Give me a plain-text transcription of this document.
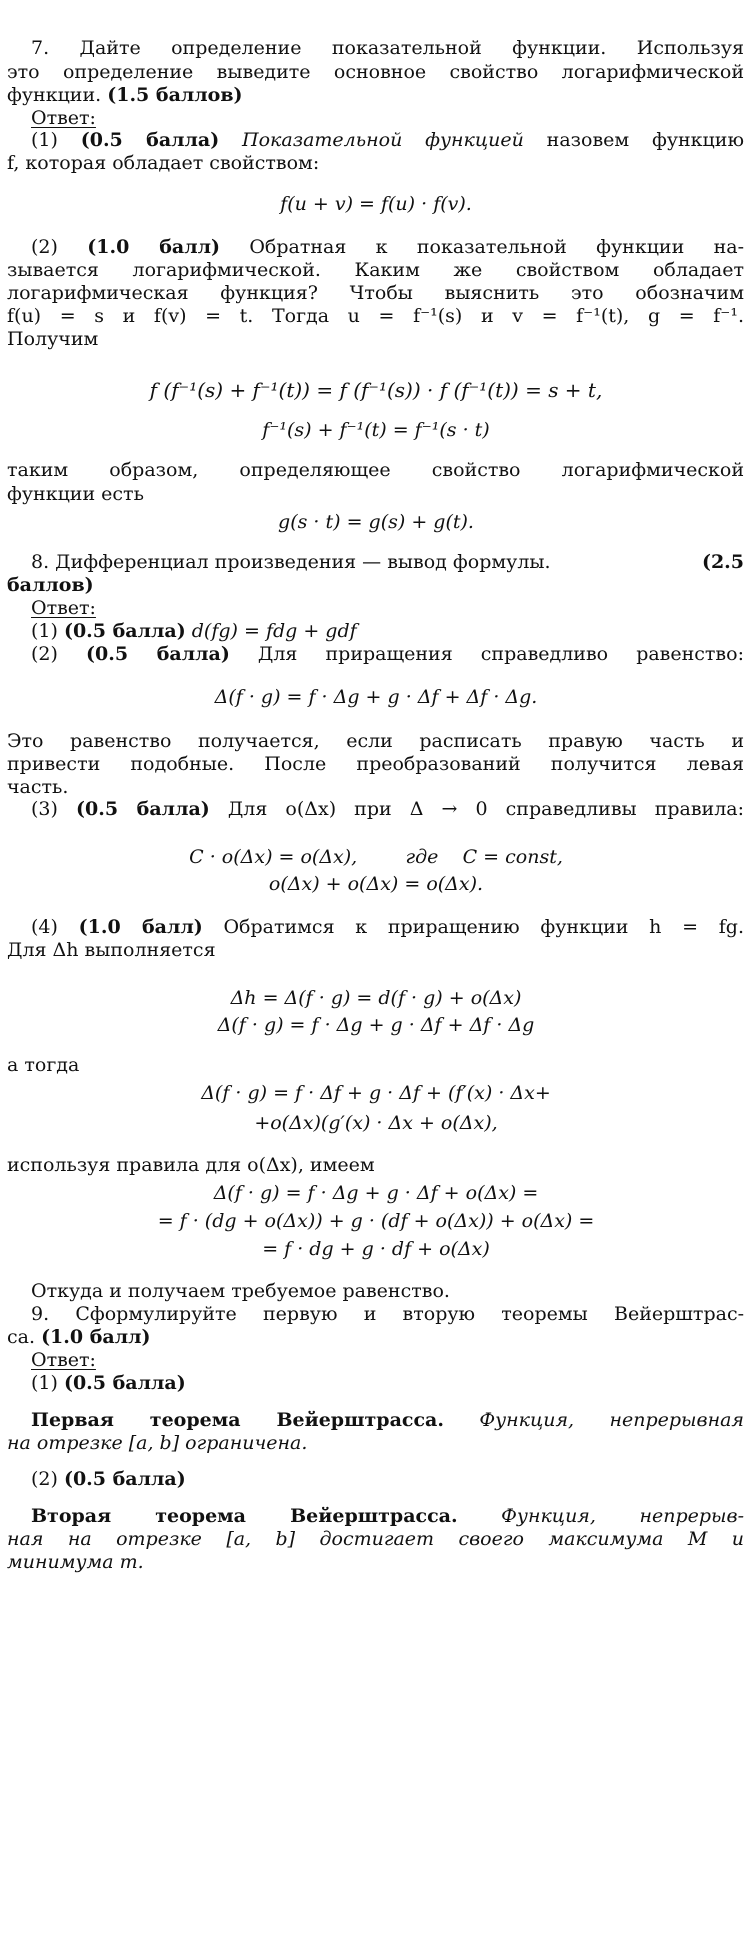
7. Дайте определение показательной функции. Используя
это определение выведите основное свойство логарифмической
функции. (1.5 баллов)
Ответ:
(1) (0.5 балла) Показательной функцией назовем функцию
f, которая обладает свойством:
f(u + v) = f(u) · f(v).
(2) (1.0 балл) Обратная к показательной функции на-
зывается логарифмической. Каким же свойством обладает
логарифмическая функция? Чтобы выяснить это обозначим
f(u) = s и f(v) = t. Тогда u = f⁻¹(s) и v = f⁻¹(t), g = f⁻¹.
Получим
f (f⁻¹(s) + f⁻¹(t)) = f (f⁻¹(s)) · f (f⁻¹(t)) = s + t,
f⁻¹(s) + f⁻¹(t) = f⁻¹(s · t)
таким образом, определяющее свойство логарифмической
функции есть
g(s · t) = g(s) + g(t).
8. Дифференциал произведения — вывод формулы.	(2.5
баллов)
Ответ:
(1) (0.5 балла) d(fg) = fdg + gdf
(2) (0.5 балла) Для приращения справедливо равенство:
Δ(f · g) = f · Δg + g · Δf + Δf · Δg.
Это равенство получается, если расписать правую часть и
привести подобные. После преобразований получится левая
часть.
(3) (0.5 балла) Для o(Δx) при Δ → 0 справедливы правила:
C · o(Δx) = o(Δx),        где    C = const,
o(Δx) + o(Δx) = o(Δx).
(4) (1.0 балл) Обратимся к приращению функции h = fg.
Для Δh выполняется
Δh = Δ(f · g) = d(f · g) + o(Δx)
Δ(f · g) = f · Δg + g · Δf + Δf · Δg
а тогда
Δ(f · g) = f · Δf + g · Δf + (f′(x) · Δx+
+o(Δx)(g′(x) · Δx + o(Δx),
используя правила для o(Δx), имеем
Δ(f · g) = f · Δg + g · Δf + o(Δx) =
= f · (dg + o(Δx)) + g · (df + o(Δx)) + o(Δx) =
= f · dg + g · df + o(Δx)
Откуда и получаем требуемое равенство.
9. Сформулируйте первую и вторую теоремы Вейерштрас-
са. (1.0 балл)
Ответ:
(1) (0.5 балла)
Первая теорема Вейерштрасса. Функция, непрерывная
на отрезке [a, b] ограничена.
(2) (0.5 балла)
Вторая теорема Вейерштрасса. Функция, непрерыв-
ная на отрезке [a, b] достигает своего максимума M и
минимума m.
